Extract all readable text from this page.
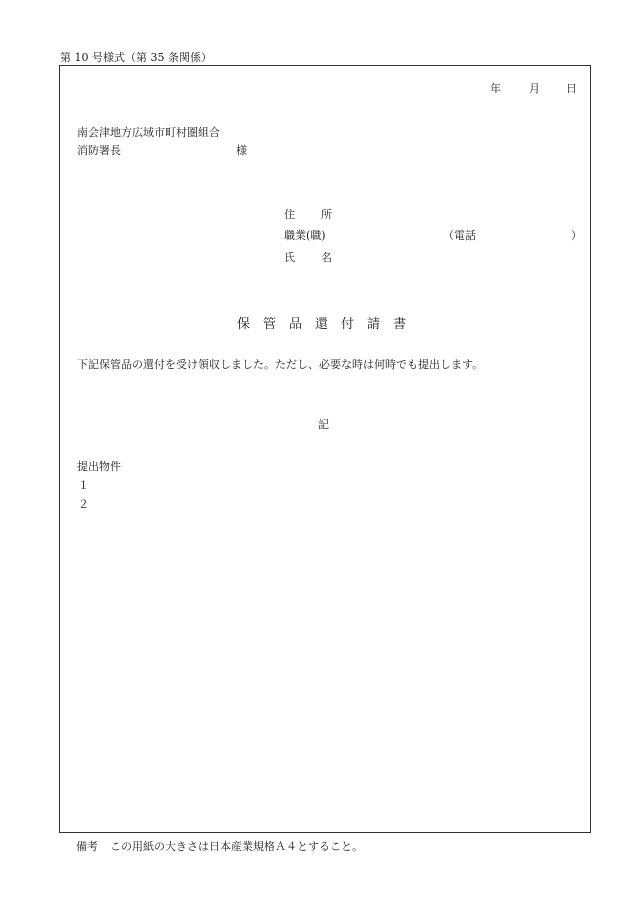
第 10 号様式（第 35 条関係）
年	月 日
南会津地方広域市町村圏組合
消防署長	様
住 所
職業(職)	（電話	）
氏 名
保管品還付請書
下記保管品の還付を受け領収しました。ただし、必要な時は何時でも提出します。
記
提出物件
１
２
備考 この用紙の大きさは日本産業規格Ａ４とすること。
